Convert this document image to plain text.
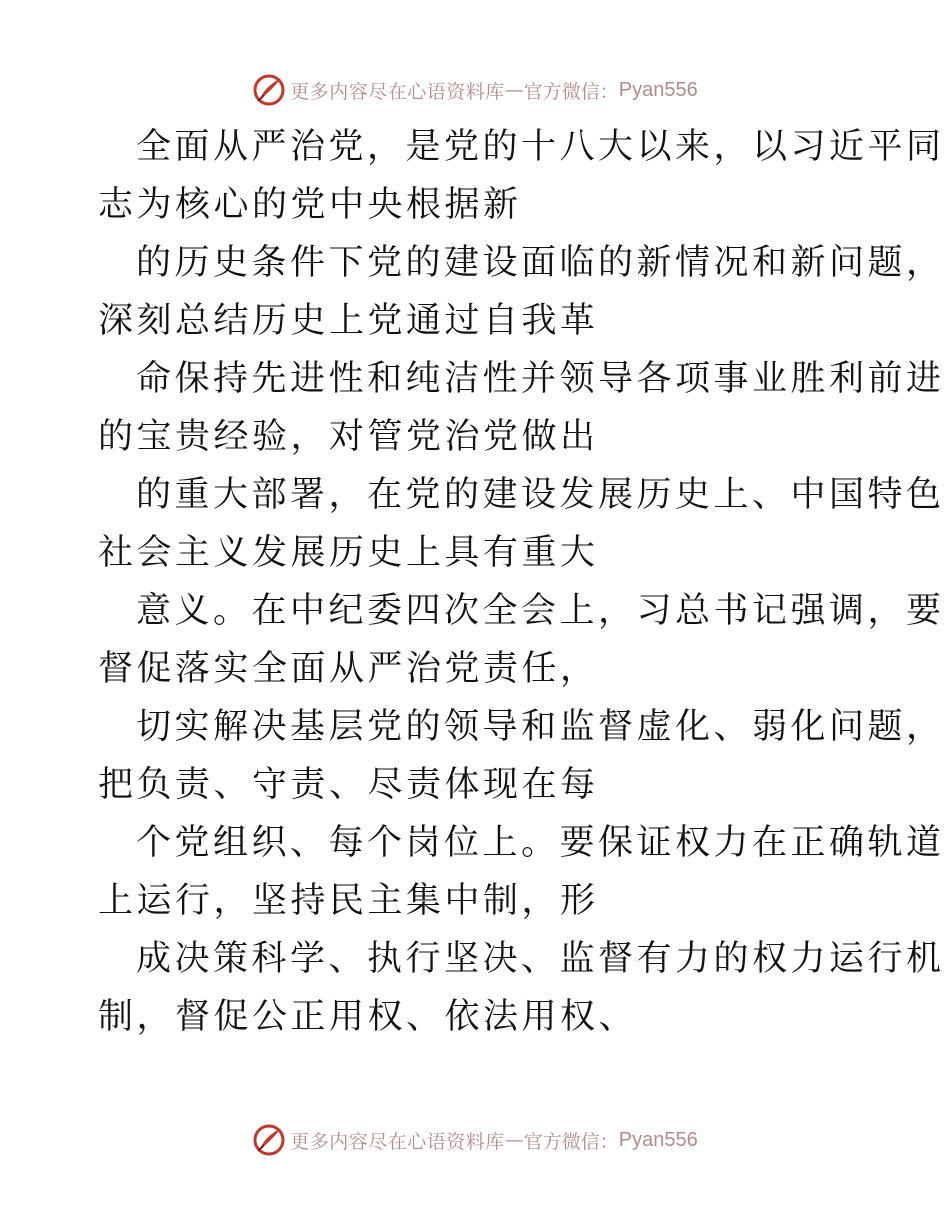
更多内容尽在心语资料库 — 官方微信： Pyan556
全面从严治党，是党的十八大以来，以习近平同
志为核心的党中央根据新
的历史条件下党的建设面临的新情况和新问题，
深刻总结历史上党通过自我革
命保持先进性和纯洁性并领导各项事业胜利前进
的宝贵经验，对管党治党做出
的重大部署，在党的建设发展历史上、中国特色
社会主义发展历史上具有重大
意义。在中纪委四次全会上，习总书记强调，要
督促落实全面从严治党责任，
切实解决基层党的领导和监督虚化、弱化问题，
把负责、守责、尽责体现在每
个党组织、每个岗位上。要保证权力在正确轨道
上运行，坚持民主集中制，形
成决策科学、执行坚决、监督有力的权力运行机
制，督促公正用权、依法用权、
更多内容尽在心语资料库 — 官方微信： Pyan556
